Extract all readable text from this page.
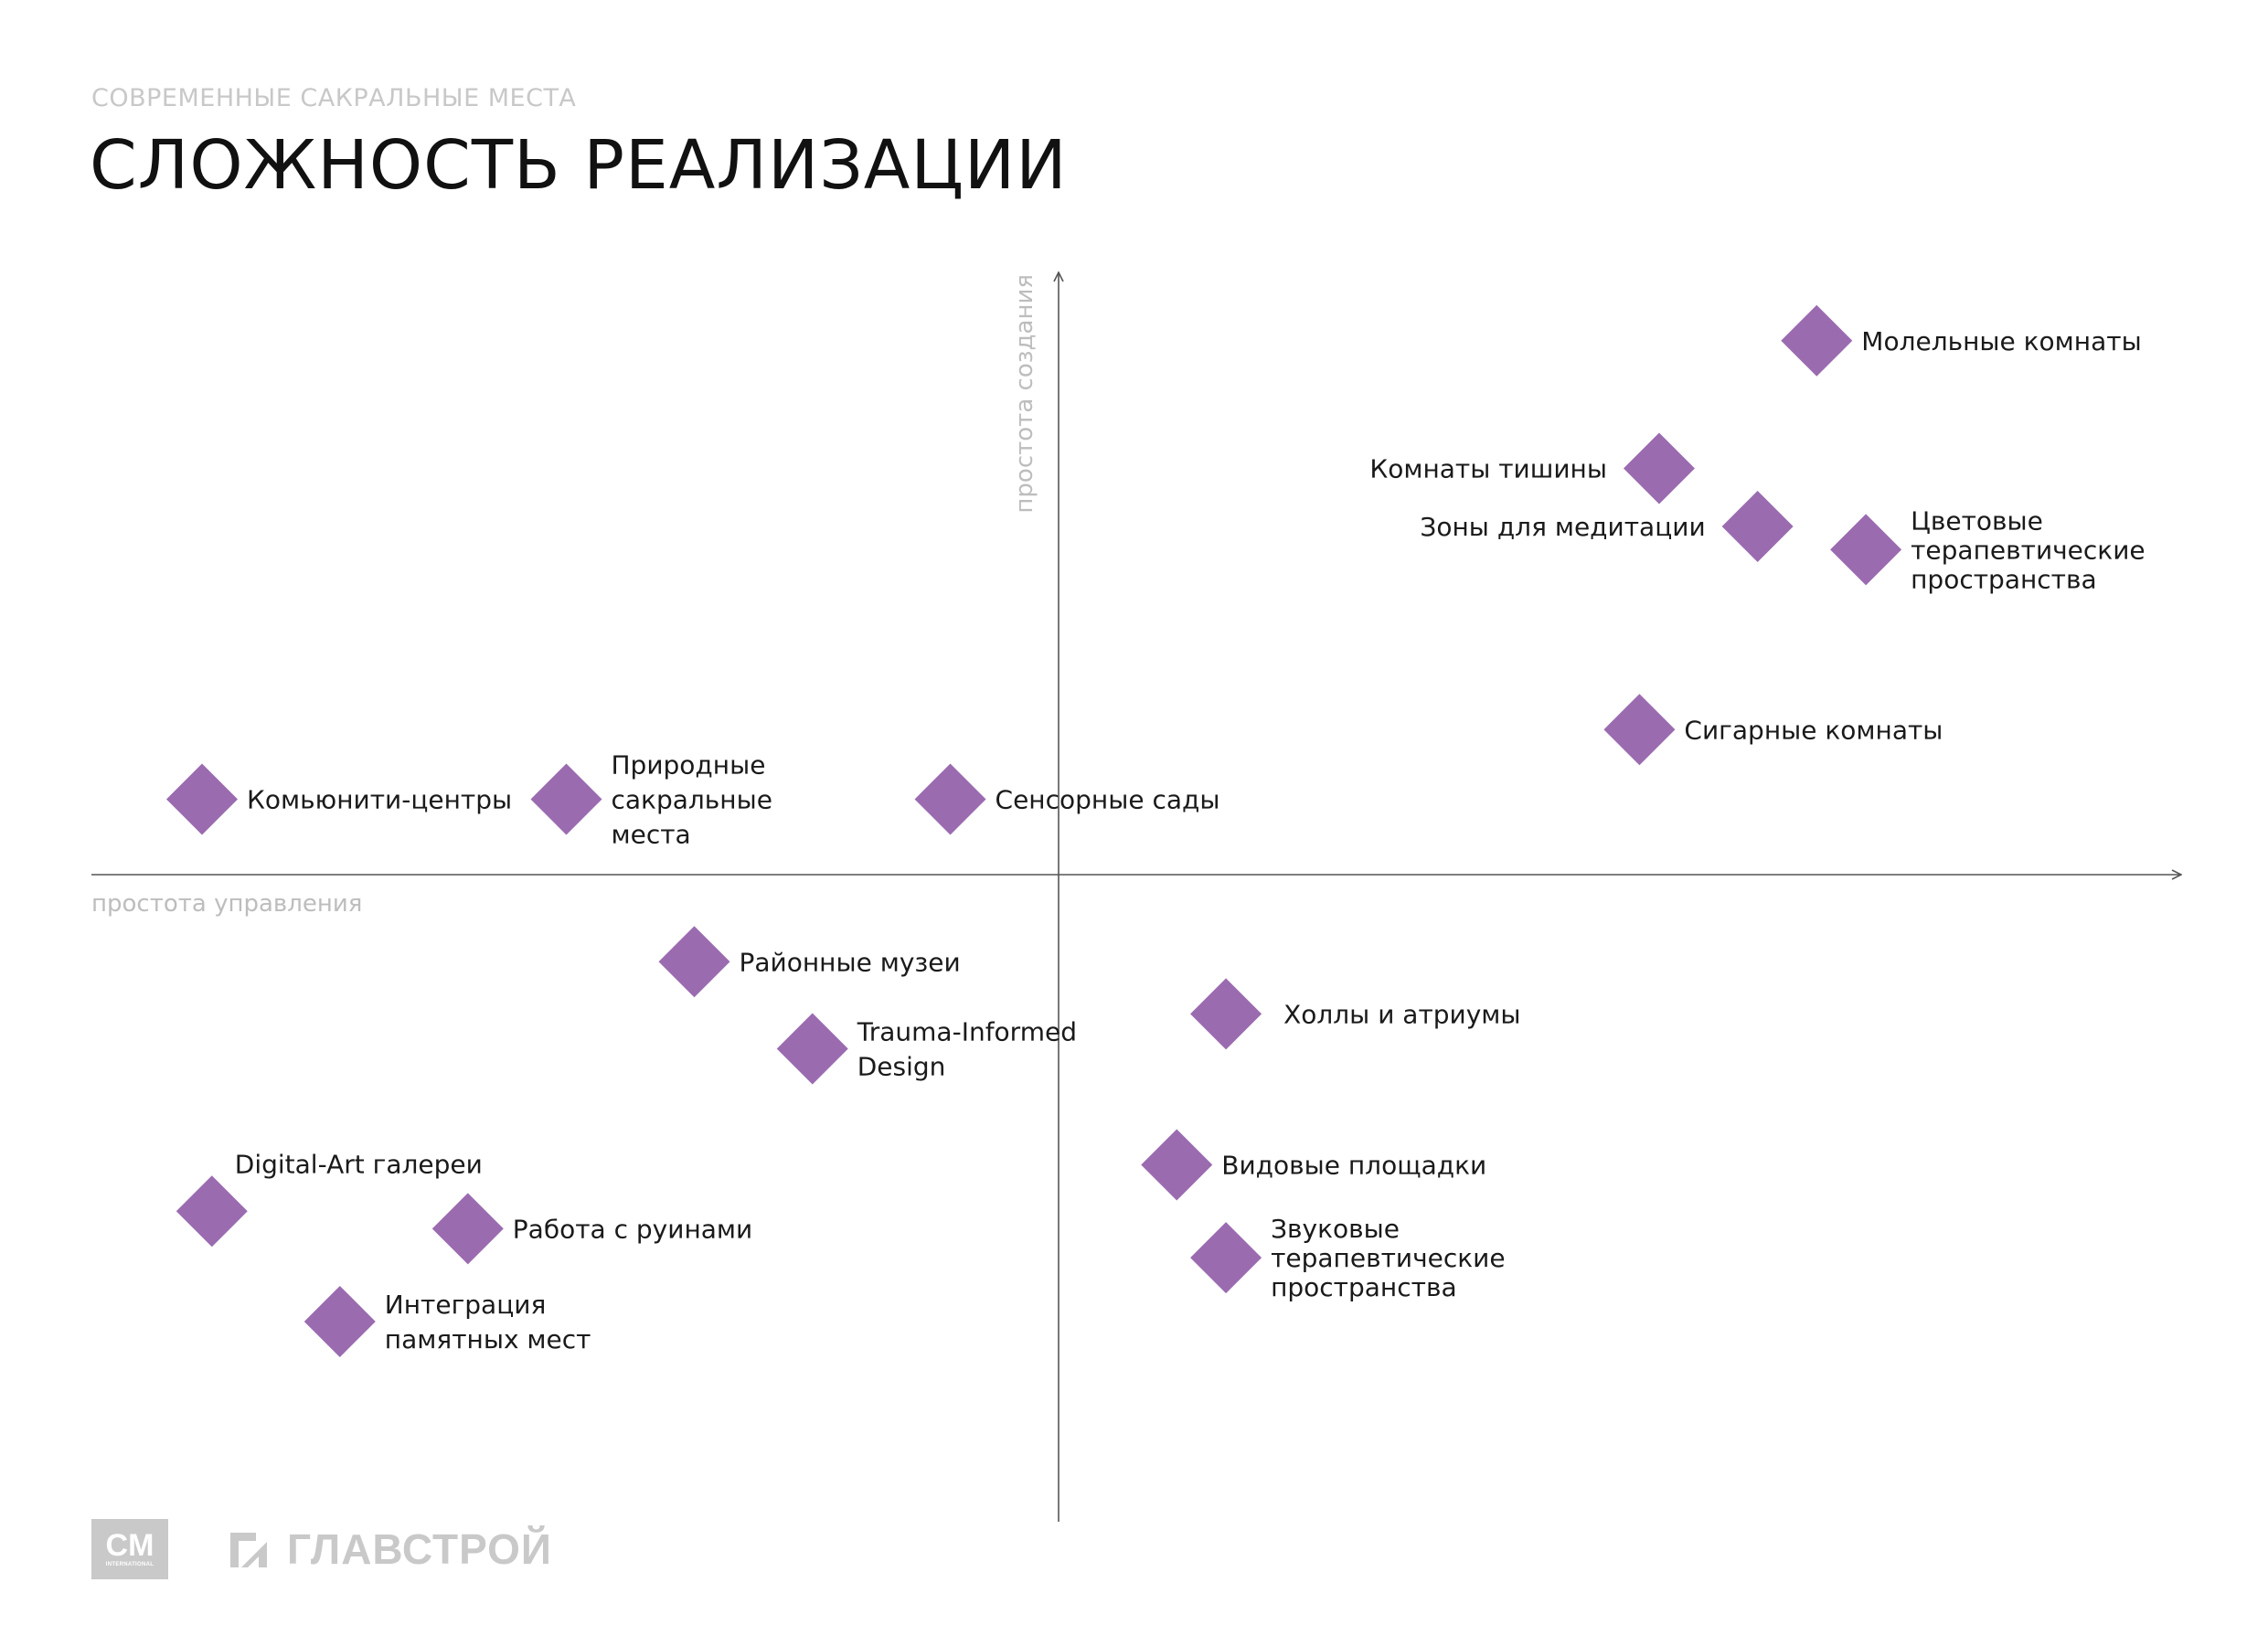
СОВРЕМЕННЫЕ САКРАЛЬНЫЕ МЕСТА
СЛОЖНОСТЬ РЕАЛИЗАЦИИ
простота управления
простота создания	Молельные комнаты
Комнаты тишины
Зоны для медитации	Цветовые терапевтические пространства
Сигарные комнаты
Комьюнити-центры
Природные сакральные места
Сенсорные сады
Районные музеи
Холлы и атриумы
Trauma-Informed Design
Видовые площадки
Digital-Art галереи
Работа с руинами	Звуковые терапевтические пространства
Интеграция памятных мест
CM
INTERNATIONAL	ГЛАВСТРОЙ
